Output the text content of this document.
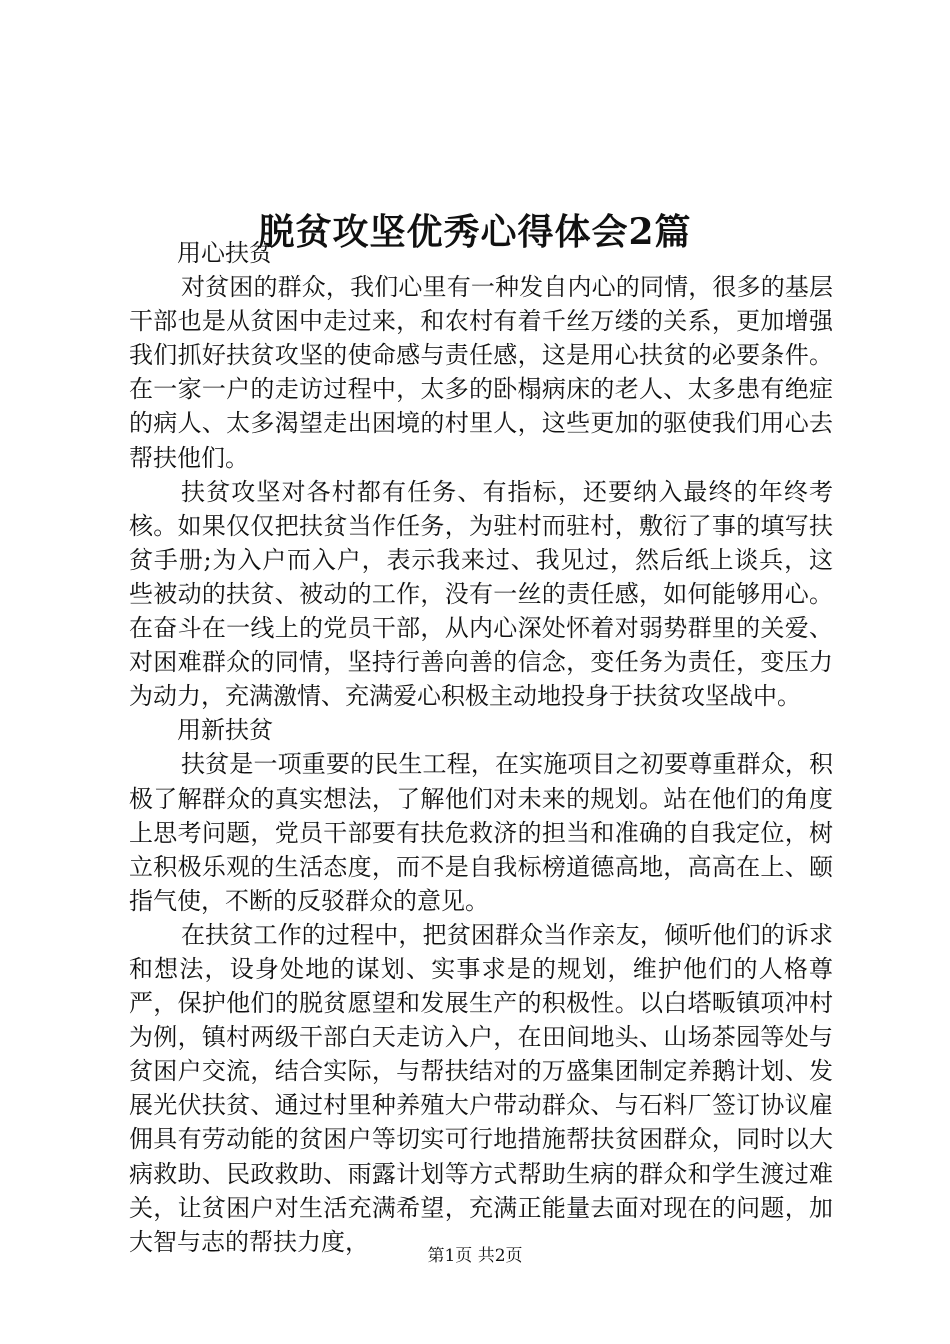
脱贫攻坚优秀心得体会2篇

用心扶贫

对贫困的群众，我们心里有一种发自内心的同情，很多的基层干部也是从贫困中走过来，和农村有着千丝万缕的关系，更加增强我们抓好扶贫攻坚的使命感与责任感，这是用心扶贫的必要条件。在一家一户的走访过程中，太多的卧榻病床的老人、太多患有绝症的病人、太多渴望走出困境的村里人，这些更加的驱使我们用心去帮扶他们。

扶贫攻坚对各村都有任务、有指标，还要纳入最终的年终考核。如果仅仅把扶贫当作任务，为驻村而驻村，敷衍了事的填写扶贫手册;为入户而入户，表示我来过、我见过，然后纸上谈兵，这些被动的扶贫、被动的工作，没有一丝的责任感，如何能够用心。在奋斗在一线上的党员干部，从内心深处怀着对弱势群里的关爱、对困难群众的同情，坚持行善向善的信念，变任务为责任，变压力为动力，充满激情、充满爱心积极主动地投身于扶贫攻坚战中。

用新扶贫

扶贫是一项重要的民生工程，在实施项目之初要尊重群众，积极了解群众的真实想法，了解他们对未来的规划。站在他们的角度上思考问题，党员干部要有扶危救济的担当和准确的自我定位，树立积极乐观的生活态度，而不是自我标榜道德高地，高高在上、颐指气使，不断的反驳群众的意见。

在扶贫工作的过程中，把贫困群众当作亲友，倾听他们的诉求和想法，设身处地的谋划、实事求是的规划，维护他们的人格尊严，保护他们的脱贫愿望和发展生产的积极性。以白塔畈镇项冲村为例，镇村两级干部白天走访入户，在田间地头、山场茶园等处与贫困户交流，结合实际，与帮扶结对的万盛集团制定养鹅计划、发展光伏扶贫、通过村里种养殖大户带动群众、与石料厂签订协议雇佣具有劳动能的贫困户等切实可行地措施帮扶贫困群众，同时以大病救助、民政救助、雨露计划等方式帮助生病的群众和学生渡过难关，让贫困户对生活充满希望，充满正能量去面对现在的问题，加大智与志的帮扶力度，

第1页 共2页
